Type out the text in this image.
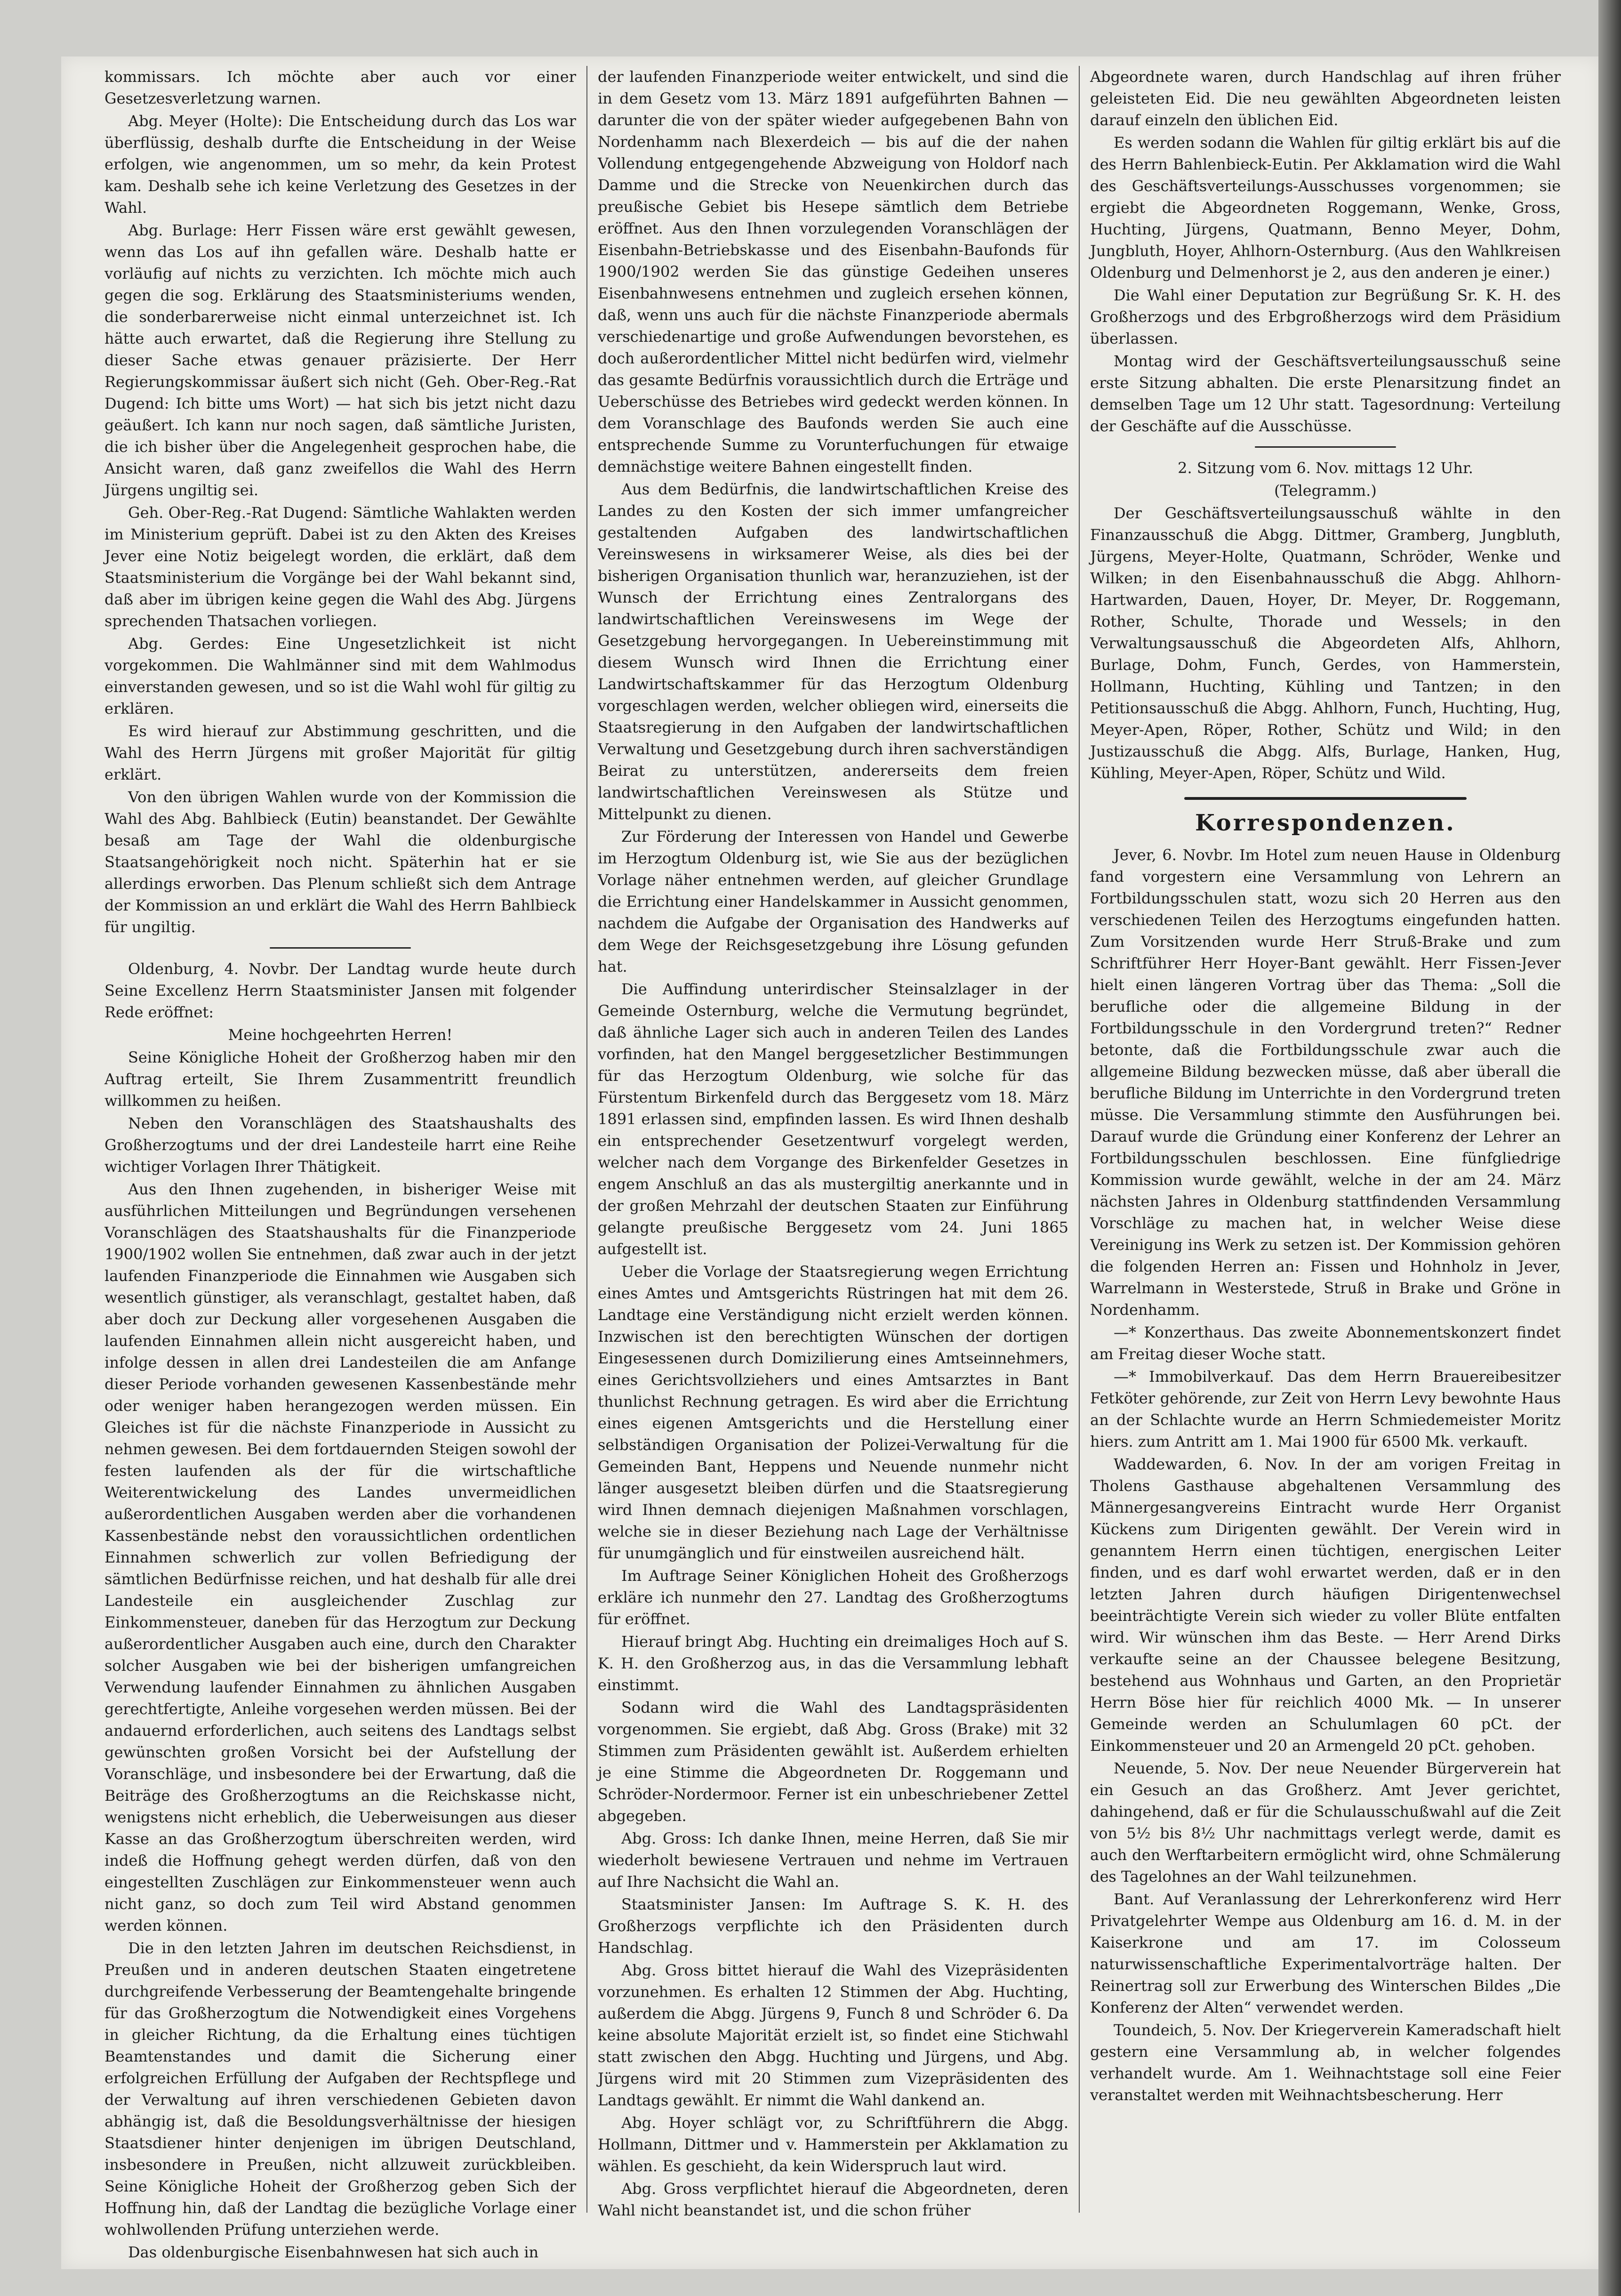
kommissars. Ich möchte aber auch vor einer Gesetzesverletzung warnen.

Abg. Meyer (Holte): Die Entscheidung durch das Los war überflüssig, deshalb durfte die Entscheidung in der Weise erfolgen, wie angenommen, um so mehr, da kein Protest kam. Deshalb sehe ich keine Verletzung des Gesetzes in der Wahl.

Abg. Burlage: Herr Fissen wäre erst gewählt gewesen, wenn das Los auf ihn gefallen wäre. Deshalb hatte er vorläufig auf nichts zu verzichten. Ich möchte mich auch gegen die sog. Erklärung des Staatsministeriums wenden, die sonderbarerweise nicht einmal unterzeichnet ist. Ich hätte auch erwartet, daß die Regierung ihre Stellung zu dieser Sache etwas genauer präzisierte. Der Herr Regierungskommissar äußert sich nicht (Geh. Ober-Reg.-Rat Dugend: Ich bitte ums Wort) — hat sich bis jetzt nicht dazu geäußert. Ich kann nur noch sagen, daß sämtliche Juristen, die ich bisher über die Angelegenheit gesprochen habe, die Ansicht waren, daß ganz zweifellos die Wahl des Herrn Jürgens ungiltig sei.

Geh. Ober-Reg.-Rat Dugend: Sämtliche Wahlakten werden im Ministerium geprüft. Dabei ist zu den Akten des Kreises Jever eine Notiz beigelegt worden, die erklärt, daß dem Staatsministerium die Vorgänge bei der Wahl bekannt sind, daß aber im übrigen keine gegen die Wahl des Abg. Jürgens sprechenden Thatsachen vorliegen.

Abg. Gerdes: Eine Ungesetzlichkeit ist nicht vorgekommen. Die Wahlmänner sind mit dem Wahlmodus einverstanden gewesen, und so ist die Wahl wohl für giltig zu erklären.

Es wird hierauf zur Abstimmung geschritten, und die Wahl des Herrn Jürgens mit großer Majorität für giltig erklärt.

Von den übrigen Wahlen wurde von der Kommission die Wahl des Abg. Bahlbieck (Eutin) beanstandet. Der Gewählte besaß am Tage der Wahl die oldenburgische Staatsangehörigkeit noch nicht. Späterhin hat er sie allerdings erworben. Das Plenum schließt sich dem Antrage der Kommission an und erklärt die Wahl des Herrn Bahlbieck für ungiltig.

Oldenburg, 4. Novbr. Der Landtag wurde heute durch Seine Excellenz Herrn Staatsminister Jansen mit folgender Rede eröffnet:

Meine hochgeehrten Herren!

Seine Königliche Hoheit der Großherzog haben mir den Auftrag erteilt, Sie Ihrem Zusammentritt freundlich willkommen zu heißen.

Neben den Voranschlägen des Staatshaushalts des Großherzogtums und der drei Landesteile harrt eine Reihe wichtiger Vorlagen Ihrer Thätigkeit.

Aus den Ihnen zugehenden, in bisheriger Weise mit ausführlichen Mitteilungen und Begründungen versehenen Voranschlägen des Staatshaushalts für die Finanzperiode 1900/1902 wollen Sie entnehmen, daß zwar auch in der jetzt laufenden Finanzperiode die Einnahmen wie Ausgaben sich wesentlich günstiger, als veranschlagt, gestaltet haben, daß aber doch zur Deckung aller vorgesehenen Ausgaben die laufenden Einnahmen allein nicht ausgereicht haben, und infolge dessen in allen drei Landesteilen die am Anfange dieser Periode vorhanden gewesenen Kassenbestände mehr oder weniger haben herangezogen werden müssen. Ein Gleiches ist für die nächste Finanzperiode in Aussicht zu nehmen gewesen. Bei dem fortdauernden Steigen sowohl der festen laufenden als der für die wirtschaftliche Weiterentwickelung des Landes unvermeidlichen außerordentlichen Ausgaben werden aber die vorhandenen Kassenbestände nebst den voraussichtlichen ordentlichen Einnahmen schwerlich zur vollen Befriedigung der sämtlichen Bedürfnisse reichen, und hat deshalb für alle drei Landesteile ein ausgleichender Zuschlag zur Einkommensteuer, daneben für das Herzogtum zur Deckung außerordentlicher Ausgaben auch eine, durch den Charakter solcher Ausgaben wie bei der bisherigen umfangreichen Verwendung laufender Einnahmen zu ähnlichen Ausgaben gerechtfertigte, Anleihe vorgesehen werden müssen. Bei der andauernd erforderlichen, auch seitens des Landtags selbst gewünschten großen Vorsicht bei der Aufstellung der Voranschläge, und insbesondere bei der Erwartung, daß die Beiträge des Großherzogtums an die Reichskasse nicht, wenigstens nicht erheblich, die Ueberweisungen aus dieser Kasse an das Großherzogtum überschreiten werden, wird indeß die Hoffnung gehegt werden dürfen, daß von den eingestellten Zuschlägen zur Einkommensteuer wenn auch nicht ganz, so doch zum Teil wird Abstand genommen werden können.

Die in den letzten Jahren im deutschen Reichsdienst, in Preußen und in anderen deutschen Staaten eingetretene durchgreifende Verbesserung der Beamtengehalte bringende für das Großherzogtum die Notwendigkeit eines Vorgehens in gleicher Richtung, da die Erhaltung eines tüchtigen Beamtenstandes und damit die Sicherung einer erfolgreichen Erfüllung der Aufgaben der Rechtspflege und der Verwaltung auf ihren verschiedenen Gebieten davon abhängig ist, daß die Besoldungsverhältnisse der hiesigen Staatsdiener hinter denjenigen im übrigen Deutschland, insbesondere in Preußen, nicht allzuweit zurückbleiben. Seine Königliche Hoheit der Großherzog geben Sich der Hoffnung hin, daß der Landtag die bezügliche Vorlage einer wohlwollenden Prüfung unterziehen werde.

Das oldenburgische Eisenbahnwesen hat sich auch in

der laufenden Finanzperiode weiter entwickelt, und sind die in dem Gesetz vom 13. März 1891 aufgeführten Bahnen — darunter die von der später wieder aufgegebenen Bahn von Nordenhamm nach Blexerdeich — bis auf die der nahen Vollendung entgegengehende Abzweigung von Holdorf nach Damme und die Strecke von Neuenkirchen durch das preußische Gebiet bis Hesepe sämtlich dem Betriebe eröffnet. Aus den Ihnen vorzulegenden Voranschlägen der Eisenbahn-Betriebskasse und des Eisenbahn-Baufonds für 1900/1902 werden Sie das günstige Gedeihen unseres Eisenbahnwesens entnehmen und zugleich ersehen können, daß, wenn uns auch für die nächste Finanzperiode abermals verschiedenartige und große Aufwendungen bevorstehen, es doch außerordentlicher Mittel nicht bedürfen wird, vielmehr das gesamte Bedürfnis voraussichtlich durch die Erträge und Ueberschüsse des Betriebes wird gedeckt werden können. In dem Voranschlage des Baufonds werden Sie auch eine entsprechende Summe zu Vorunterfuchungen für etwaige demnächstige weitere Bahnen eingestellt finden.

Aus dem Bedürfnis, die landwirtschaftlichen Kreise des Landes zu den Kosten der sich immer umfangreicher gestaltenden Aufgaben des landwirtschaftlichen Vereinswesens in wirksamerer Weise, als dies bei der bisherigen Organisation thunlich war, heranzuziehen, ist der Wunsch der Errichtung eines Zentralorgans des landwirtschaftlichen Vereinswesens im Wege der Gesetzgebung hervorgegangen. In Uebereinstimmung mit diesem Wunsch wird Ihnen die Errichtung einer Landwirtschaftskammer für das Herzogtum Oldenburg vorgeschlagen werden, welcher obliegen wird, einerseits die Staatsregierung in den Aufgaben der landwirtschaftlichen Verwaltung und Gesetzgebung durch ihren sachverständigen Beirat zu unterstützen, andererseits dem freien landwirtschaftlichen Vereinswesen als Stütze und Mittelpunkt zu dienen.

Zur Förderung der Interessen von Handel und Gewerbe im Herzogtum Oldenburg ist, wie Sie aus der bezüglichen Vorlage näher entnehmen werden, auf gleicher Grundlage die Errichtung einer Handelskammer in Aussicht genommen, nachdem die Aufgabe der Organisation des Handwerks auf dem Wege der Reichsgesetzgebung ihre Lösung gefunden hat.

Die Auffindung unterirdischer Steinsalzlager in der Gemeinde Osternburg, welche die Vermutung begründet, daß ähnliche Lager sich auch in anderen Teilen des Landes vorfinden, hat den Mangel berggesetzlicher Bestimmungen für das Herzogtum Oldenburg, wie solche für das Fürstentum Birkenfeld durch das Berggesetz vom 18. März 1891 erlassen sind, empfinden lassen. Es wird Ihnen deshalb ein entsprechender Gesetzentwurf vorgelegt werden, welcher nach dem Vorgange des Birkenfelder Gesetzes in engem Anschluß an das als mustergiltig anerkannte und in der großen Mehrzahl der deutschen Staaten zur Einführung gelangte preußische Berggesetz vom 24. Juni 1865 aufgestellt ist.

Ueber die Vorlage der Staatsregierung wegen Errichtung eines Amtes und Amtsgerichts Rüstringen hat mit dem 26. Landtage eine Verständigung nicht erzielt werden können. Inzwischen ist den berechtigten Wünschen der dortigen Eingesessenen durch Domizilierung eines Amtseinnehmers, eines Gerichtsvollziehers und eines Amtsarztes in Bant thunlichst Rechnung getragen. Es wird aber die Errichtung eines eigenen Amtsgerichts und die Herstellung einer selbständigen Organisation der Polizei-Verwaltung für die Gemeinden Bant, Heppens und Neuende nunmehr nicht länger ausgesetzt bleiben dürfen und die Staatsregierung wird Ihnen demnach diejenigen Maßnahmen vorschlagen, welche sie in dieser Beziehung nach Lage der Verhältnisse für unumgänglich und für einstweilen ausreichend hält.

Im Auftrage Seiner Königlichen Hoheit des Großherzogs erkläre ich nunmehr den 27. Landtag des Großherzogtums für eröffnet.

Hierauf bringt Abg. Huchting ein dreimaliges Hoch auf S. K. H. den Großherzog aus, in das die Versammlung lebhaft einstimmt.

Sodann wird die Wahl des Landtagspräsidenten vorgenommen. Sie ergiebt, daß Abg. Gross (Brake) mit 32 Stimmen zum Präsidenten gewählt ist. Außerdem erhielten je eine Stimme die Abgeordneten Dr. Roggemann und Schröder-Nordermoor. Ferner ist ein unbeschriebener Zettel abgegeben.

Abg. Gross: Ich danke Ihnen, meine Herren, daß Sie mir wiederholt bewiesene Vertrauen und nehme im Vertrauen auf Ihre Nachsicht die Wahl an.

Staatsminister Jansen: Im Auftrage S. K. H. des Großherzogs verpflichte ich den Präsidenten durch Handschlag.

Abg. Gross bittet hierauf die Wahl des Vizepräsidenten vorzunehmen. Es erhalten 12 Stimmen der Abg. Huchting, außerdem die Abgg. Jürgens 9, Funch 8 und Schröder 6. Da keine absolute Majorität erzielt ist, so findet eine Stichwahl statt zwischen den Abgg. Huchting und Jürgens, und Abg. Jürgens wird mit 20 Stimmen zum Vizepräsidenten des Landtags gewählt. Er nimmt die Wahl dankend an.

Abg. Hoyer schlägt vor, zu Schriftführern die Abgg. Hollmann, Dittmer und v. Hammerstein per Akklamation zu wählen. Es geschieht, da kein Widerspruch laut wird.

Abg. Gross verpflichtet hierauf die Abgeordneten, deren Wahl nicht beanstandet ist, und die schon früher

Abgeordnete waren, durch Handschlag auf ihren früher geleisteten Eid. Die neu gewählten Abgeordneten leisten darauf einzeln den üblichen Eid.

Es werden sodann die Wahlen für giltig erklärt bis auf die des Herrn Bahlenbieck-Eutin. Per Akklamation wird die Wahl des Geschäftsverteilungs-Ausschusses vorgenommen; sie ergiebt die Abgeordneten Roggemann, Wenke, Gross, Huchting, Jürgens, Quatmann, Benno Meyer, Dohm, Jungbluth, Hoyer, Ahlhorn-Osternburg. (Aus den Wahlkreisen Oldenburg und Delmenhorst je 2, aus den anderen je einer.)

Die Wahl einer Deputation zur Begrüßung Sr. K. H. des Großherzogs und des Erbgroßherzogs wird dem Präsidium überlassen.

Montag wird der Geschäftsverteilungsausschuß seine erste Sitzung abhalten. Die erste Plenarsitzung findet an demselben Tage um 12 Uhr statt. Tagesordnung: Verteilung der Geschäfte auf die Ausschüsse.

2. Sitzung vom 6. Nov. mittags 12 Uhr.

(Telegramm.)

Der Geschäftsverteilungsausschuß wählte in den Finanzausschuß die Abgg. Dittmer, Gramberg, Jungbluth, Jürgens, Meyer-Holte, Quatmann, Schröder, Wenke und Wilken; in den Eisenbahnausschuß die Abgg. Ahlhorn-Hartwarden, Dauen, Hoyer, Dr. Meyer, Dr. Roggemann, Rother, Schulte, Thorade und Wessels; in den Verwaltungsausschuß die Abgeordeten Alfs, Ahlhorn, Burlage, Dohm, Funch, Gerdes, von Hammerstein, Hollmann, Huchting, Kühling und Tantzen; in den Petitionsausschuß die Abgg. Ahlhorn, Funch, Huchting, Hug, Meyer-Apen, Röper, Rother, Schütz und Wild; in den Justizausschuß die Abgg. Alfs, Burlage, Hanken, Hug, Kühling, Meyer-Apen, Röper, Schütz und Wild.

Korrespondenzen.

Jever, 6. Novbr. Im Hotel zum neuen Hause in Oldenburg fand vorgestern eine Versammlung von Lehrern an Fortbildungsschulen statt, wozu sich 20 Herren aus den verschiedenen Teilen des Herzogtums eingefunden hatten. Zum Vorsitzenden wurde Herr Struß-Brake und zum Schriftführer Herr Hoyer-Bant gewählt. Herr Fissen-Jever hielt einen längeren Vortrag über das Thema: „Soll die berufliche oder die allgemeine Bildung in der Fortbildungsschule in den Vordergrund treten?“ Redner betonte, daß die Fortbildungsschule zwar auch die allgemeine Bildung bezwecken müsse, daß aber überall die berufliche Bildung im Unterrichte in den Vordergrund treten müsse. Die Versammlung stimmte den Ausführungen bei. Darauf wurde die Gründung einer Konferenz der Lehrer an Fortbildungsschulen beschlossen. Eine fünfgliedrige Kommission wurde gewählt, welche in der am 24. März nächsten Jahres in Oldenburg stattfindenden Versammlung Vorschläge zu machen hat, in welcher Weise diese Vereinigung ins Werk zu setzen ist. Der Kommission gehören die folgenden Herren an: Fissen und Hohnholz in Jever, Warrelmann in Westerstede, Struß in Brake und Gröne in Nordenhamm.

—* Konzerthaus. Das zweite Abonnementskonzert findet am Freitag dieser Woche statt.

—* Immobilverkauf. Das dem Herrn Brauereibesitzer Fetköter gehörende, zur Zeit von Herrn Levy bewohnte Haus an der Schlachte wurde an Herrn Schmiedemeister Moritz hiers. zum Antritt am 1. Mai 1900 für 6500 Mk. verkauft.

Waddewarden, 6. Nov. In der am vorigen Freitag in Tholens Gasthause abgehaltenen Versammlung des Männergesangvereins Eintracht wurde Herr Organist Kückens zum Dirigenten gewählt. Der Verein wird in genanntem Herrn einen tüchtigen, energischen Leiter finden, und es darf wohl erwartet werden, daß er in den letzten Jahren durch häufigen Dirigentenwechsel beeinträchtigte Verein sich wieder zu voller Blüte entfalten wird. Wir wünschen ihm das Beste. — Herr Arend Dirks verkaufte seine an der Chaussee belegene Besitzung, bestehend aus Wohnhaus und Garten, an den Proprietär Herrn Böse hier für reichlich 4000 Mk. — In unserer Gemeinde werden an Schulumlagen 60 pCt. der Einkommensteuer und 20 an Armengeld 20 pCt. gehoben.

Neuende, 5. Nov. Der neue Neuender Bürgerverein hat ein Gesuch an das Großherz. Amt Jever gerichtet, dahingehend, daß er für die Schulausschußwahl auf die Zeit von 5½ bis 8½ Uhr nachmittags verlegt werde, damit es auch den Werftarbeitern ermöglicht wird, ohne Schmälerung des Tagelohnes an der Wahl teilzunehmen.

Bant. Auf Veranlassung der Lehrerkonferenz wird Herr Privatgelehrter Wempe aus Oldenburg am 16. d. M. in der Kaiserkrone und am 17. im Colosseum naturwissenschaftliche Experimentalvorträge halten. Der Reinertrag soll zur Erwerbung des Winterschen Bildes „Die Konferenz der Alten“ verwendet werden.

Toundeich, 5. Nov. Der Kriegerverein Kameradschaft hielt gestern eine Versammlung ab, in welcher folgendes verhandelt wurde. Am 1. Weihnachtstage soll eine Feier veranstaltet werden mit Weihnachtsbescherung. Herr
